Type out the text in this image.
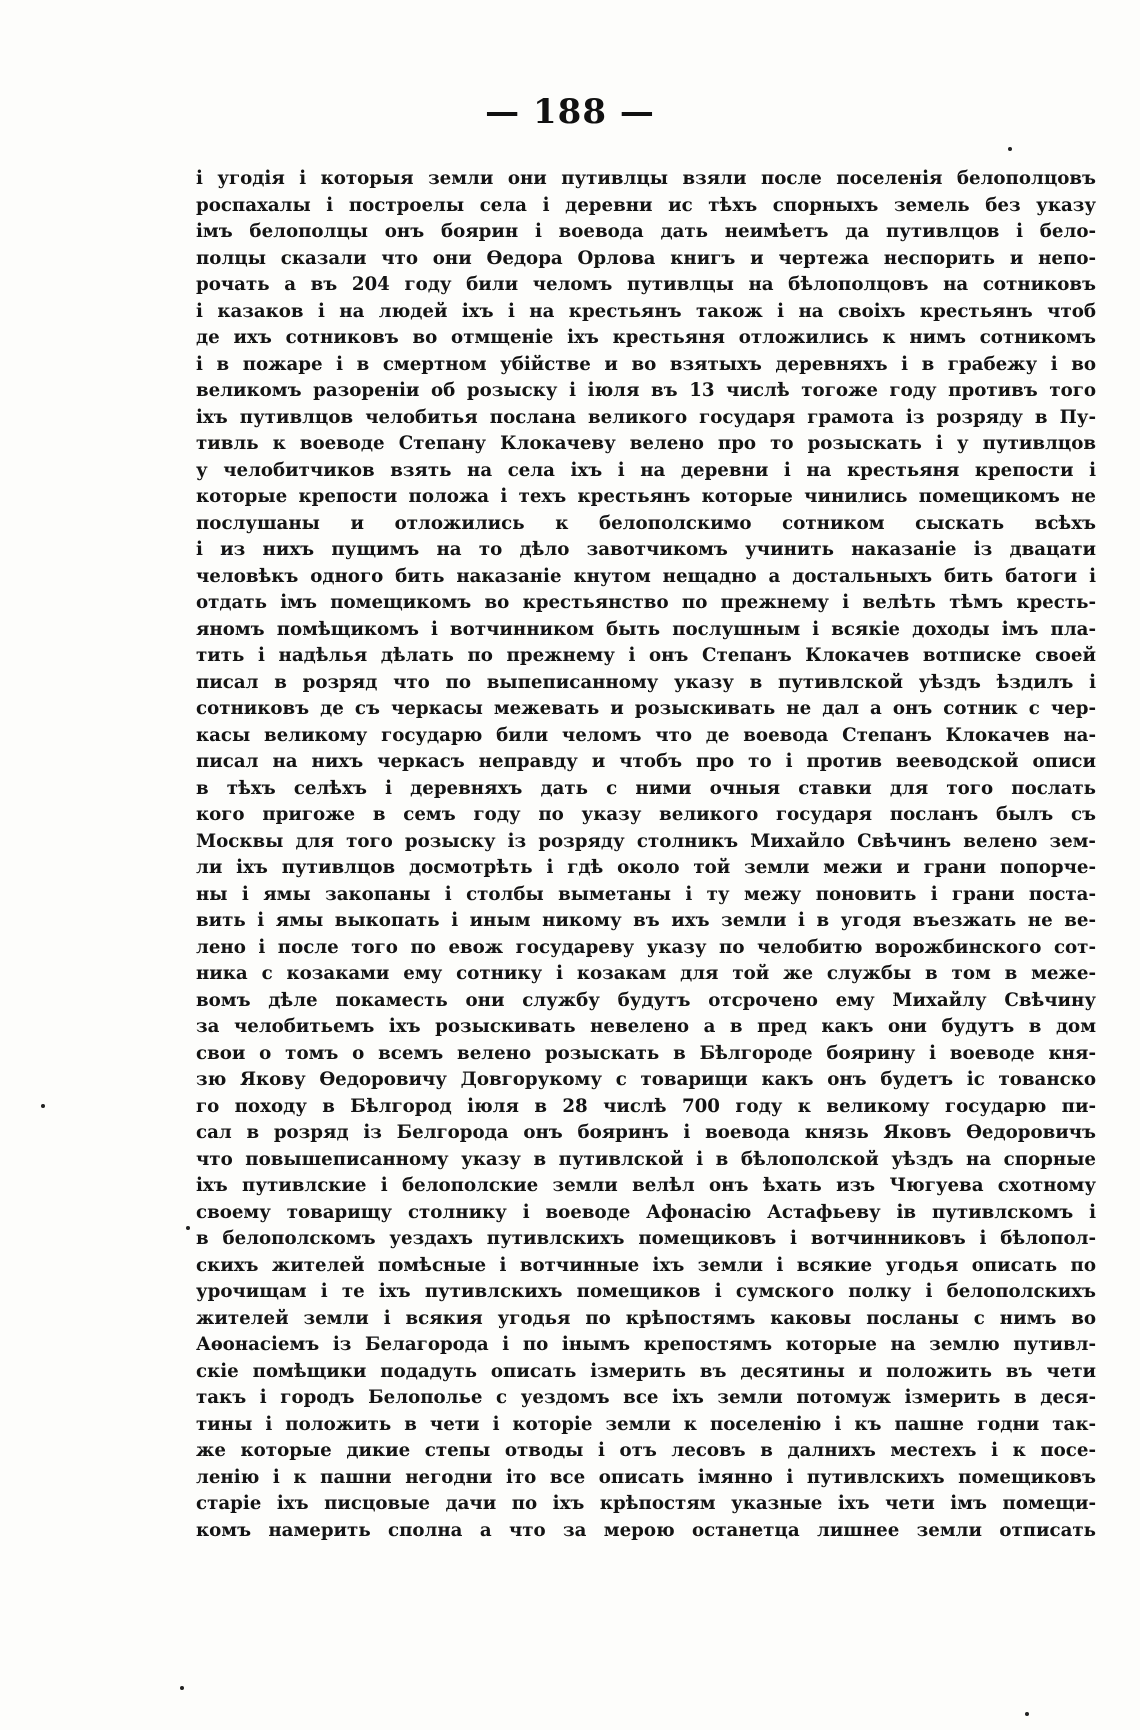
— 188 —
і угодія і которыя земли они путивлцы взяли после поселенія белополцовъ
роспахалы і построелы села і деревни ис тѣхъ спорныхъ земель без указу
імъ белополцы онъ боярин і воевода дать неимѣетъ да путивлцов і бело-
полцы сказали что они Өедора Орлова книгъ и чертежа неспорить и непо-
рочать а въ 204 году били челомъ путивлцы на бѣлополцовъ на сотниковъ
і казаков і на людей іхъ і на крестьянъ також і на своіхъ крестьянъ чтоб
де ихъ сотниковъ во отмщеніе іхъ крестьяня отложились к нимъ сотникомъ
і в пожаре і в смертном убійстве и во взятыхъ деревняхъ і в грабежу і во
великомъ разореніи об розыску і іюля въ 13 числѣ тогоже году противъ того
іхъ путивлцов челобитья послана великого государя грамота із розряду в Пу-
тивль к воеводе Степану Клокачеву велено про то розыскать і у путивлцов
у челобитчиков взять на села іхъ і на деревни і на крестьяня крепости і
которые крепости положа і техъ крестьянъ которые чинились помещикомъ не
послушаны и отложились к белополскимо сотником сыскать всѣхъ
і из нихъ пущимъ на то дѣло завотчикомъ учинить наказаніе із двацати
человѣкъ одного бить наказаніе кнутом нещадно а достальныхъ бить батоги і
отдать імъ помещикомъ во крестьянство по прежнему і велѣть тѣмъ кресть-
яномъ помѣщикомъ і вотчинником быть послушным і всякіе доходы імъ пла-
тить і надѣлья дѣлать по прежнему і онъ Степанъ Клокачев вотписке своей
писал в розряд что по выпеписанному указу в путивлской уѣздъ ѣздилъ і
сотниковъ де съ черкасы межевать и розыскивать не дал а онъ сотник с чер-
касы великому государю били челомъ что де воевода Степанъ Клокачев на-
писал на нихъ черкасъ неправду и чтобъ про то і против вееводской описи
в тѣхъ селѣхъ і деревняхъ дать с ними очныя ставки для того послать
кого пригоже в семъ году по указу великого государя посланъ былъ съ
Москвы для того розыску із розряду столникъ Михайло Свѣчинъ велено зем-
ли іхъ путивлцов досмотрѣть і гдѣ около той земли межи и грани попорче-
ны і ямы закопаны і столбы выметаны і ту межу поновить і грани поста-
вить і ямы выкопать і иным никому въ ихъ земли і в угодя въезжать не ве-
лено і после того по евож государеву указу по челобитю ворожбинского сот-
ника с козаками ему сотнику і козакам для той же службы в том в меже-
вомъ дѣле покаместь они службу будутъ отсрочено ему Михайлу Свѣчину
за челобитьемъ іхъ розыскивать невелено а в пред какъ они будутъ в дом
свои о томъ о всемъ велено розыскать в Бѣлгороде боярину і воеводе кня-
зю Якову Өедоровичу Довгорукому с товарищи какъ онъ будетъ іс тованско
го походу в Бѣлгород іюля в 28 числѣ 700 году к великому государю пи-
сал в розряд із Белгорода онъ бояринъ і воевода князь Яковъ Өедоровичъ
что повышеписанному указу в путивлской і в бѣлополской уѣздъ на спорные
іхъ путивлские і белополские земли велѣл онъ ѣхать изъ Чюгуева схотному
своему товарищу столнику і воеводе Афонасію Астафьеву ів путивлскомъ і
в белополскомъ уездахъ путивлскихъ помещиковъ і вотчинниковъ і бѣлопол-
скихъ жителей помѣсные і вотчинные іхъ земли і всякие угодья описать по
урочищам і те іхъ путивлскихъ помещиков і сумского полку і белополскихъ
жителей земли і всякия угодья по крѣпостямъ каковы посланы с нимъ во
Аѳонасіемъ із Белагорода і по інымъ крепостямъ которые на землю путивл-
скіе помѣщики подадуть описать ізмерить въ десятины и положить въ чети
такъ і городъ Белополье с уездомъ все іхъ земли потомуж ізмерить в деся-
тины і положить в чети і которіе земли к поселенію і къ пашне годни так-
же которые дикие степы отводы і отъ лесовъ в далнихъ местехъ і к посе-
ленію і к пашни негодни іто все описать імянно і путивлскихъ помещиковъ
старіе іхъ писцовые дачи по іхъ крѣпостям указные іхъ чети імъ помещи-
комъ намерить сполна а что за мерою останетца лишнее земли отписать
